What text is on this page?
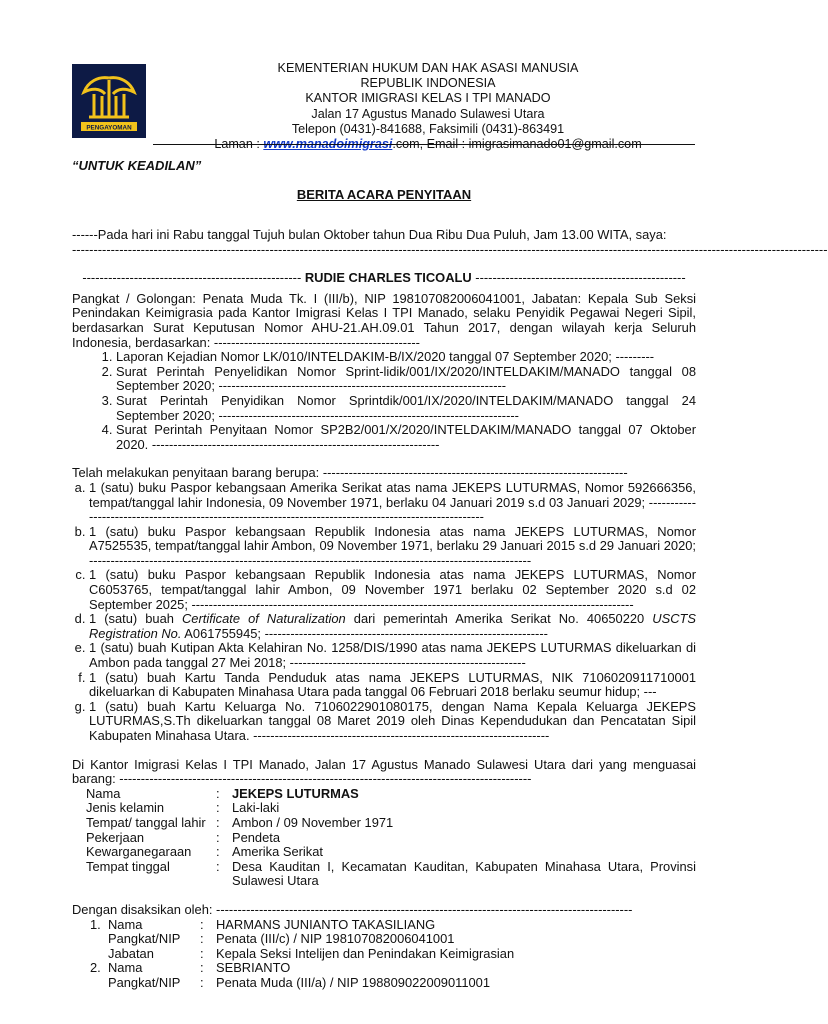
PENGAYOMAN
KEMENTERIAN HUKUM DAN HAK ASASI MANUSIA
REPUBLIK INDONESIA
KANTOR IMIGRASI KELAS I TPI MANADO
Jalan 17 Agustus Manado Sulawesi Utara
Telepon (0431)-841688, Faksimili (0431)-863491
Laman : www.manadoimigrasi.com, Email : imigrasimanado01@gmail.com
“UNTUK KEADILAN”
BERITA ACARA PENYITAAN
------Pada hari ini Rabu tanggal Tujuh bulan Oktober tahun Dua Ribu Dua Puluh, Jam 13.00 WITA, saya:
--------------------------------------------------------------------------------------------------------------------------------------------------------------------------------
--------------------------------------------------- RUDIE CHARLES TICOALU -------------------------------------------------
Pangkat / Golongan: Penata Muda Tk. I (III/b), NIP 198107082006041001, Jabatan: Kepala Sub Seksi Penindakan Keimigrasia pada Kantor Imigrasi Kelas I TPI Manado, selaku Penyidik Pegawai Negeri Sipil, berdasarkan Surat Keputusan Nomor AHU-21.AH.09.01 Tahun 2017, dengan wilayah kerja Seluruh Indonesia, berdasarkan: ------------------------------------------------
1. Laporan Kejadian Nomor LK/010/INTELDAKIM-B/IX/2020 tanggal 07 September 2020; ---------
2. Surat Perintah Penyelidikan Nomor Sprint-lidik/001/IX/2020/INTELDAKIM/MANADO tanggal 08 September 2020; -------------------------------------------------------------------
3. Surat Perintah Penyidikan Nomor Sprintdik/001/IX/2020/INTELDAKIM/MANADO tanggal 24 September 2020; ----------------------------------------------------------------------
4. Surat Perintah Penyitaan Nomor SP2B2/001/X/2020/INTELDAKIM/MANADO tanggal 07 Oktober 2020. -------------------------------------------------------------------
Telah melakukan penyitaan barang berupa: -----------------------------------------------------------------------
a. 1 (satu) buku Paspor kebangsaan Amerika Serikat atas nama JEKEPS LUTURMAS, Nomor 592666356, tempat/tanggal lahir Indonesia, 09 November 1971, berlaku 04 Januari 2019 s.d 03 Januari 2029; -------------------------------------------------------------------------------------------------------
b. 1 (satu) buku Paspor kebangsaan Republik Indonesia atas nama JEKEPS LUTURMAS, Nomor A7525535, tempat/tanggal lahir Ambon, 09 November 1971, berlaku 29 Januari 2015 s.d 29 Januari 2020; -------------------------------------------------------------------------------------------------------
c. 1 (satu) buku Paspor kebangsaan Republik Indonesia atas nama JEKEPS LUTURMAS, Nomor C6053765, tempat/tanggal lahir Ambon, 09 November 1971 berlaku 02 September 2020 s.d 02 September 2025; -------------------------------------------------------------------------------------------------------
d. 1 (satu) buah Certificate of Naturalization dari pemerintah Amerika Serikat No. 40650220 USCTS Registration No. A061755945; ------------------------------------------------------------------
e. 1 (satu) buah Kutipan Akta Kelahiran No. 1258/DIS/1990 atas nama JEKEPS LUTURMAS dikeluarkan di Ambon pada tanggal 27 Mei 2018; -------------------------------------------------------
f. 1 (satu) buah Kartu Tanda Penduduk atas nama JEKEPS LUTURMAS, NIK 7106020911710001 dikeluarkan di Kabupaten Minahasa Utara pada tanggal 06 Februari 2018 berlaku seumur hidup; ---
g. 1 (satu) buah Kartu Keluarga No. 7106022901080175, dengan Nama Kepala Keluarga JEKEPS LUTURMAS,S.Th dikeluarkan tanggal 08 Maret 2019 oleh Dinas Kependudukan dan Pencatatan Sipil Kabupaten Minahasa Utara. ---------------------------------------------------------------------
Di Kantor Imigrasi Kelas I TPI Manado, Jalan 17 Agustus Manado Sulawesi Utara dari yang menguasai barang: ------------------------------------------------------------------------------------------------
Nama	:	JEKEPS LUTURMAS
Jenis kelamin	:	Laki-laki
Tempat/ tanggal lahir	:	Ambon / 09 November 1971
Pekerjaan	:	Pendeta
Kewarganegaraan	:	Amerika Serikat
Tempat tinggal	:	Desa Kauditan I, Kecamatan Kauditan, Kabupaten Minahasa Utara, Provinsi Sulawesi Utara
Dengan disaksikan oleh: -------------------------------------------------------------------------------------------------
1.	Nama	:	HARMANS JUNIANTO TAKASILIANG
	Pangkat/NIP	:	Penata (III/c) / NIP 198107082006041001
	Jabatan	:	Kepala Seksi Intelijen dan Penindakan Keimigrasian
2.	Nama	:	SEBRIANTO
	Pangkat/NIP	:	Penata Muda (III/a) / NIP 198809022009011001
